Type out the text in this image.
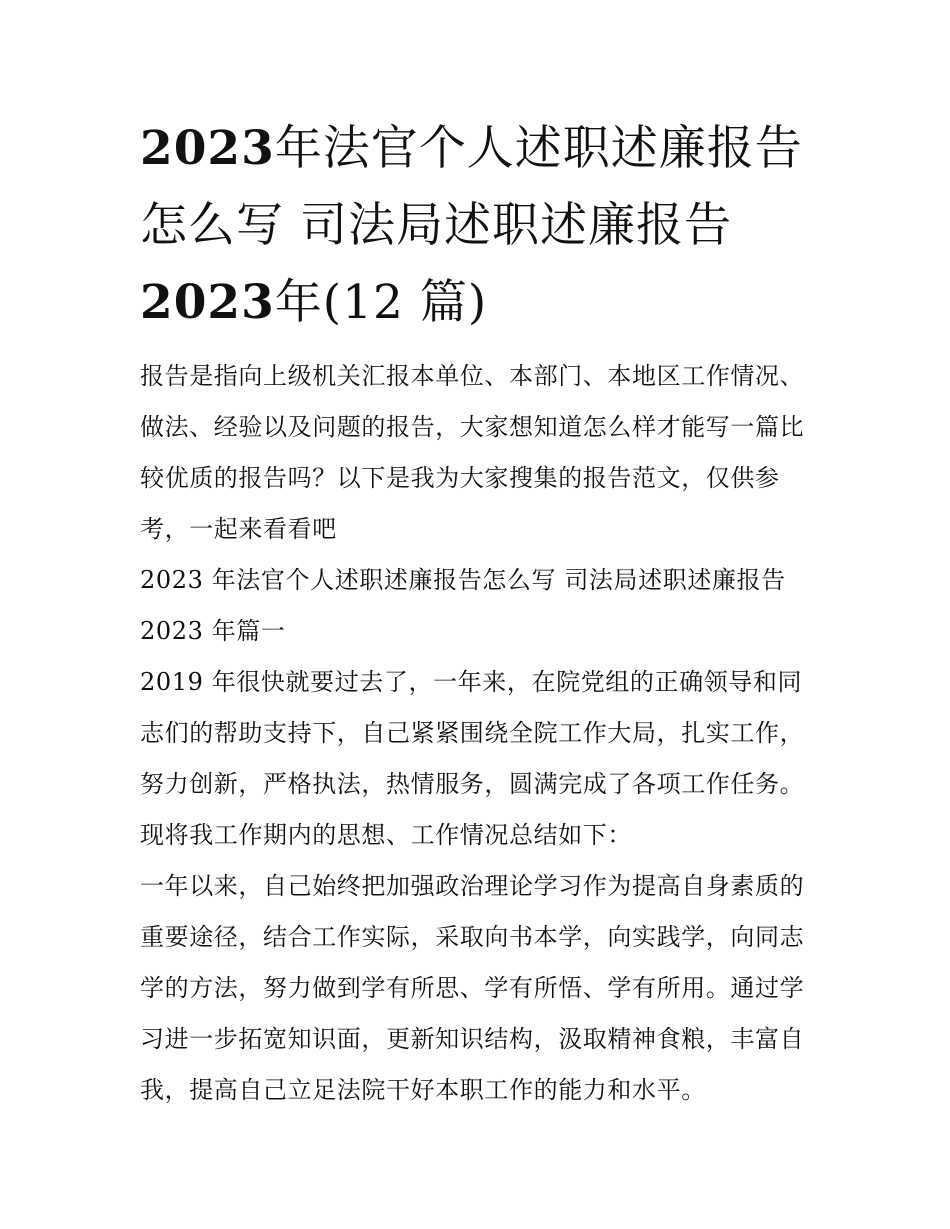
2023年法官个人述职述廉报告
怎么写 司法局述职述廉报告
2023年(12 篇)

报告是指向上级机关汇报本单位、本部门、本地区工作情况、
做法、经验以及问题的报告，大家想知道怎么样才能写一篇比
较优质的报告吗？以下是我为大家搜集的报告范文，仅供参
考，一起来看看吧

2023 年法官个人述职述廉报告怎么写 司法局述职述廉报告
2023 年篇一

2019 年很快就要过去了，一年来，在院党组的正确领导和同
志们的帮助支持下，自己紧紧围绕全院工作大局，扎实工作，
努力创新，严格执法，热情服务，圆满完成了各项工作任务。
现将我工作期内的思想、工作情况总结如下：

一年以来，自己始终把加强政治理论学习作为提高自身素质的
重要途径，结合工作实际，采取向书本学，向实践学，向同志
学的方法，努力做到学有所思、学有所悟、学有所用。通过学
习进一步拓宽知识面，更新知识结构，汲取精神食粮，丰富自
我，提高自己立足法院干好本职工作的能力和水平。
